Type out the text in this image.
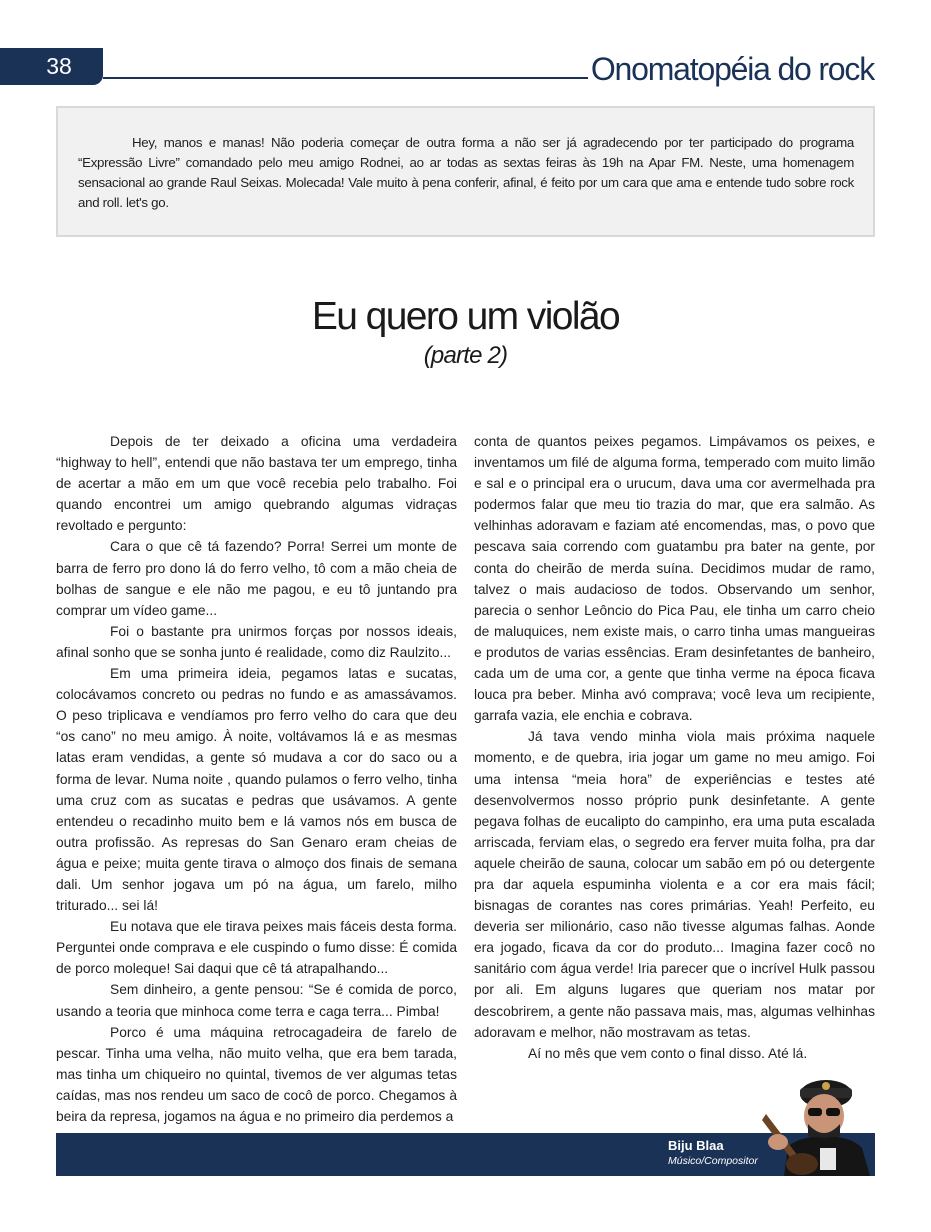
38	Onomatopéia do rock

Hey, manos e manas! Não poderia começar de outra forma a não ser já agradecendo por ter participado do programa “Expressão Livre” comandado pelo meu amigo Rodnei, ao ar todas as sextas feiras às 19h na Apar FM. Neste, uma homenagem sensacional ao grande Raul Seixas. Molecada! Vale muito à pena conferir, afinal, é feito por um cara que ama e entende tudo sobre rock and roll. let's go.

Eu quero um violão
(parte 2)

Depois de ter deixado a oficina uma verdadeira “highway to hell”, entendi que não bastava ter um emprego, tinha de acertar a mão em um que você recebia pelo trabalho. Foi quando encontrei um amigo quebrando algumas vidraças revoltado e pergunto:

Cara o que cê tá fazendo? Porra! Serrei um monte de barra de ferro pro dono lá do ferro velho, tô com a mão cheia de bolhas de sangue e ele não me pagou, e eu tô juntando pra comprar um vídeo game...

Foi o bastante pra unirmos forças por nossos ideais, afinal sonho que se sonha junto é realidade, como diz Raulzito...

Em uma primeira ideia, pegamos latas e sucatas, colocávamos concreto ou pedras no fundo e as amassávamos. O peso triplicava e vendíamos pro ferro velho do cara que deu “os cano” no meu amigo. À noite, voltávamos lá e as mesmas latas eram vendidas, a gente só mudava a cor do saco ou a forma de levar. Numa noite , quando pulamos o ferro velho, tinha uma cruz com as sucatas e pedras que usávamos. A gente entendeu o recadinho muito bem e lá vamos nós em busca de outra profissão. As represas do San Genaro eram cheias de água e peixe; muita gente tirava o almoço dos finais de semana dali. Um senhor jogava um pó na água, um farelo, milho triturado... sei lá!

Eu notava que ele tirava peixes mais fáceis desta forma. Perguntei onde comprava e ele cuspindo o fumo disse: É comida de porco moleque! Sai daqui que cê tá atrapalhando...

Sem dinheiro, a gente pensou: “Se é comida de porco, usando a teoria que minhoca come terra e caga terra... Pimba!

Porco é uma máquina retrocagadeira de farelo de pescar. Tinha uma velha, não muito velha, que era bem tarada, mas tinha um chiqueiro no quintal, tivemos de ver algumas tetas caídas, mas nos rendeu um saco de cocô de porco. Chegamos à beira da represa, jogamos na água e no primeiro dia perdemos a

conta de quantos peixes pegamos. Limpávamos os peixes, e inventamos um filé de alguma forma, temperado com muito limão e sal e o principal era o urucum, dava uma cor avermelhada pra podermos falar que meu tio trazia do mar, que era salmão. As velhinhas adoravam e faziam até encomendas, mas, o povo que pescava saia correndo com guatambu pra bater na gente, por conta do cheirão de merda suína. Decidimos mudar de ramo, talvez o mais audacioso de todos. Observando um senhor, parecia o senhor Leôncio do Pica Pau, ele tinha um carro cheio de maluquices, nem existe mais, o carro tinha umas mangueiras e produtos de varias essências. Eram desinfetantes de banheiro, cada um de uma cor, a gente que tinha verme na época ficava louca pra beber. Minha avó comprava; você leva um recipiente, garrafa vazia, ele enchia e cobrava.

Já tava vendo minha viola mais próxima naquele momento, e de quebra, iria jogar um game no meu amigo. Foi uma intensa “meia hora” de experiências e testes até desenvolvermos nosso próprio punk desinfetante. A gente pegava folhas de eucalipto do campinho, era uma puta escalada arriscada, ferviam elas, o segredo era ferver muita folha, pra dar aquele cheirão de sauna, colocar um sabão em pó ou detergente pra dar aquela espuminha violenta e a cor era mais fácil; bisnagas de corantes nas cores primárias. Yeah! Perfeito, eu deveria ser milionário, caso não tivesse algumas falhas. Aonde era jogado, ficava da cor do produto... Imagina fazer cocô no sanitário com água verde! Iria parecer que o incrível Hulk passou por ali. Em alguns lugares que queriam nos matar por descobrirem, a gente não passava mais, mas, algumas velhinhas adoravam e melhor, não mostravam as tetas.

Aí no mês que vem conto o final disso. Até lá.

Biju Blaa
Músico/Compositor
